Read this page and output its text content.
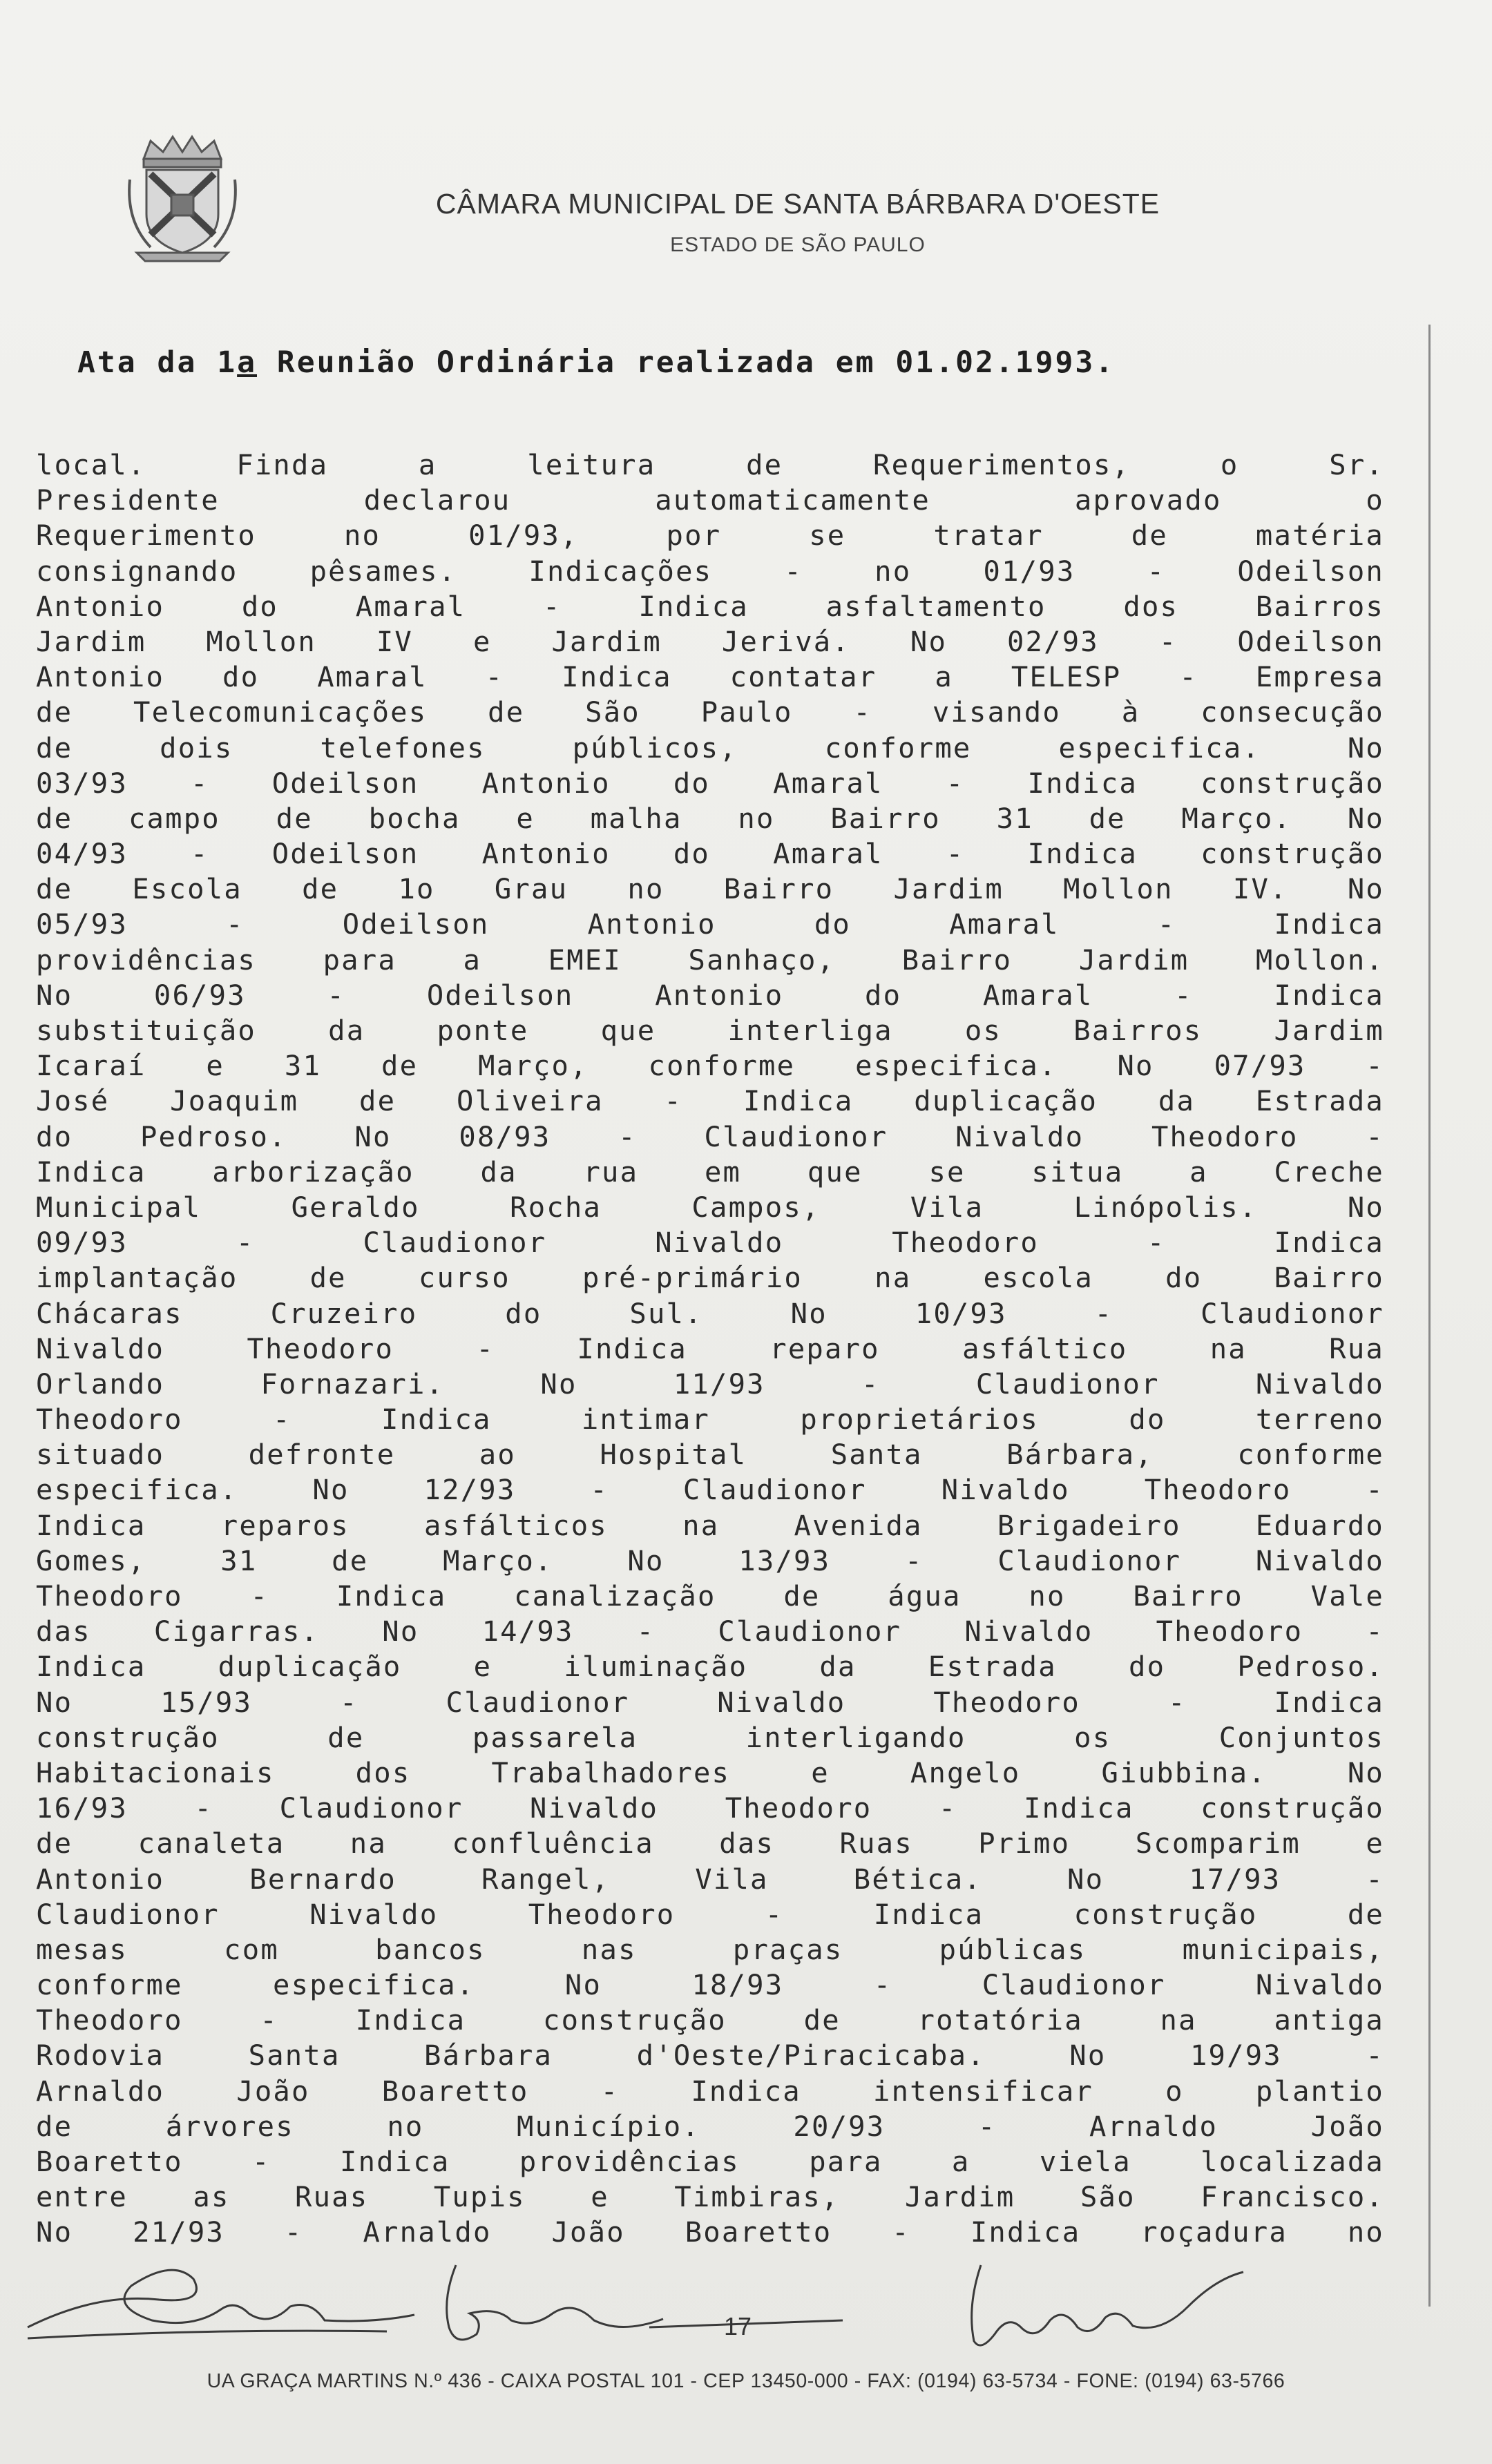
CÂMARA MUNICIPAL DE SANTA BÁRBARA D'OESTE
ESTADO DE SÃO PAULO
Ata da 1a Reunião Ordinária realizada em 01.02.1993.
local. Finda a leitura de Requerimentos, o Sr.
Presidente declarou automaticamente aprovado o
Requerimento no 01/93, por se tratar de matéria
consignando pêsames. Indicações - no 01/93 - Odeilson
Antonio do Amaral - Indica asfaltamento dos Bairros
Jardim Mollon IV e Jardim Jerivá. No 02/93 - Odeilson
Antonio do Amaral - Indica contatar a TELESP - Empresa
de Telecomunicações de São Paulo - visando à consecução
de dois telefones públicos, conforme especifica. No
03/93 - Odeilson Antonio do Amaral - Indica construção
de campo de bocha e malha no Bairro 31 de Março. No
04/93 - Odeilson Antonio do Amaral - Indica construção
de Escola de 1o Grau no Bairro Jardim Mollon IV. No
05/93 - Odeilson Antonio do Amaral - Indica
providências para a EMEI Sanhaço, Bairro Jardim Mollon.
No 06/93 - Odeilson Antonio do Amaral - Indica
substituição da ponte que interliga os Bairros Jardim
Icaraí e 31 de Março, conforme especifica. No 07/93 -
José Joaquim de Oliveira - Indica duplicação da Estrada
do Pedroso. No 08/93 - Claudionor Nivaldo Theodoro -
Indica arborização da rua em que se situa a Creche
Municipal Geraldo Rocha Campos, Vila Linópolis. No
09/93 - Claudionor Nivaldo Theodoro - Indica
implantação de curso pré-primário na escola do Bairro
Chácaras Cruzeiro do Sul. No 10/93 - Claudionor
Nivaldo Theodoro - Indica reparo asfáltico na Rua
Orlando Fornazari. No 11/93 - Claudionor Nivaldo
Theodoro - Indica intimar proprietários do terreno
situado defronte ao Hospital Santa Bárbara, conforme
especifica. No 12/93 - Claudionor Nivaldo Theodoro -
Indica reparos asfálticos na Avenida Brigadeiro Eduardo
Gomes, 31 de Março. No 13/93 - Claudionor Nivaldo
Theodoro - Indica canalização de água no Bairro Vale
das Cigarras. No 14/93 - Claudionor Nivaldo Theodoro -
Indica duplicação e iluminação da Estrada do Pedroso.
No 15/93 - Claudionor Nivaldo Theodoro - Indica
construção de passarela interligando os Conjuntos
Habitacionais dos Trabalhadores e Angelo Giubbina. No
16/93 - Claudionor Nivaldo Theodoro - Indica construção
de canaleta na confluência das Ruas Primo Scomparim e
Antonio Bernardo Rangel, Vila Bética. No 17/93 -
Claudionor Nivaldo Theodoro - Indica construção de
mesas com bancos nas praças públicas municipais,
conforme especifica. No 18/93 - Claudionor Nivaldo
Theodoro - Indica construção de rotatória na antiga
Rodovia Santa Bárbara d'Oeste/Piracicaba. No 19/93 -
Arnaldo João Boaretto - Indica intensificar o plantio
de árvores no Município. 20/93 - Arnaldo João
Boaretto - Indica providências para a viela localizada
entre as Ruas Tupis e Timbiras, Jardim São Francisco.
No 21/93 - Arnaldo João Boaretto - Indica roçadura no
17
UA GRAÇA MARTINS N.º 436 - CAIXA POSTAL 101 - CEP 13450-000 - FAX: (0194) 63-5734 - FONE: (0194) 63-5766
